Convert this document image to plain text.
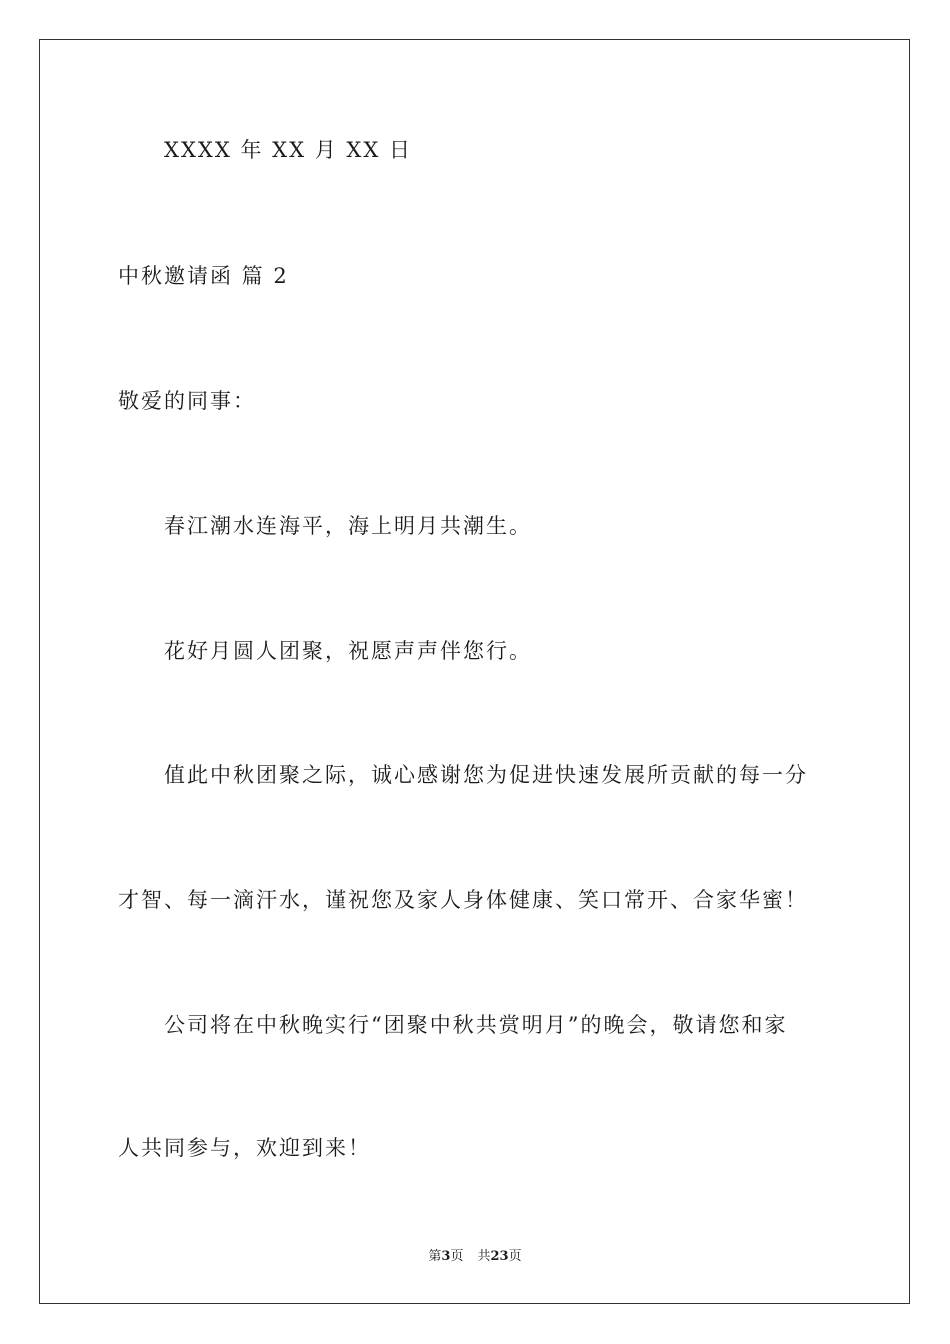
XXXX 年 XX 月 XX 日
中秋邀请函 篇 2
敬爱的同事：
春江潮水连海平，海上明月共潮生。
花好月圆人团聚，祝愿声声伴您行。
值此中秋团聚之际，诚心感谢您为促进快速发展所贡献的每一分
才智、每一滴汗水，谨祝您及家人身体健康、笑口常开、合家华蜜！
公司将在中秋晚实行“团聚中秋共赏明月”的晚会，敬请您和家
人共同参与，欢迎到来！
第3页 共23页
